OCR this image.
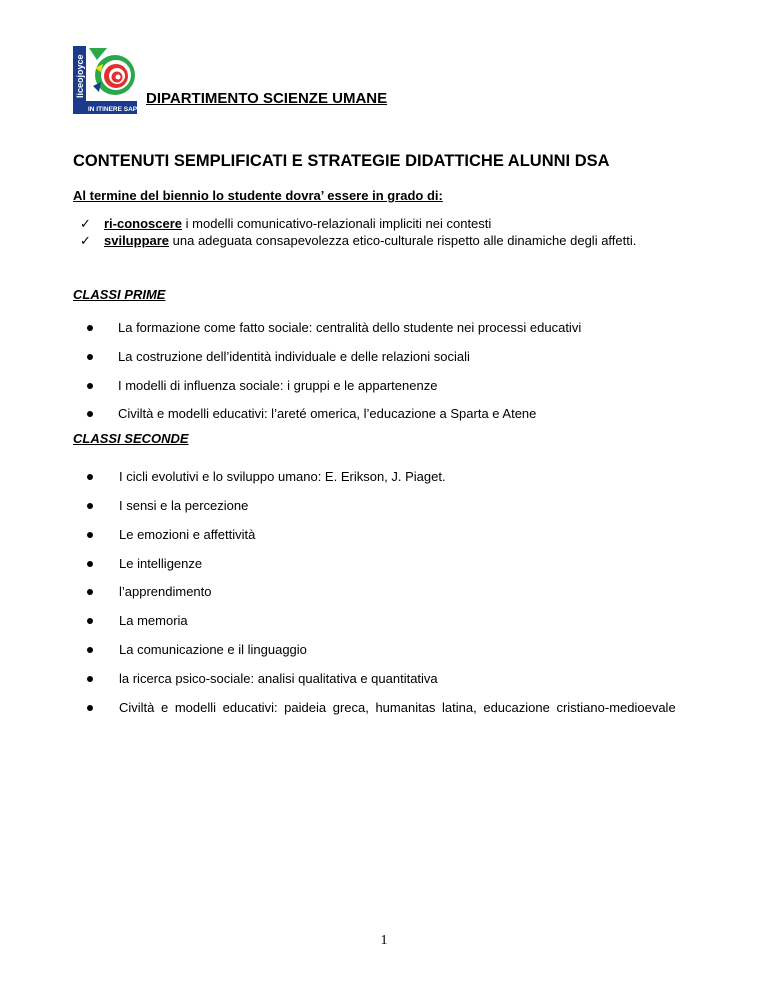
liceojoyce
IN ITINERE SAPIENTIA
DIPARTIMENTO SCIENZE UMANE
CONTENUTI SEMPLIFICATI E STRATEGIE DIDATTICHE ALUNNI DSA
Al termine del biennio lo studente dovra’ essere in grado di:
✓	ri-conoscere i modelli comunicativo-relazionali impliciti nei contesti
✓	sviluppare una adeguata consapevolezza etico-culturale rispetto alle dinamiche degli affetti.
CLASSI PRIME
La formazione come fatto sociale: centralità dello studente nei processi educativi
La costruzione dell’identità individuale e delle relazioni sociali
I modelli di influenza sociale: i gruppi e le appartenenze
Civiltà e modelli educativi: l’areté omerica, l’educazione a Sparta e Atene
CLASSI SECONDE
I cicli evolutivi e lo sviluppo umano: E. Erikson, J. Piaget.
I sensi e la percezione
Le emozioni e affettività
Le intelligenze
l’apprendimento
La memoria
La comunicazione e il linguaggio
la ricerca psico-sociale: analisi qualitativa e quantitativa
Civiltà e modelli educativi: paideia greca, humanitas latina, educazione cristiano-medioevale
1
